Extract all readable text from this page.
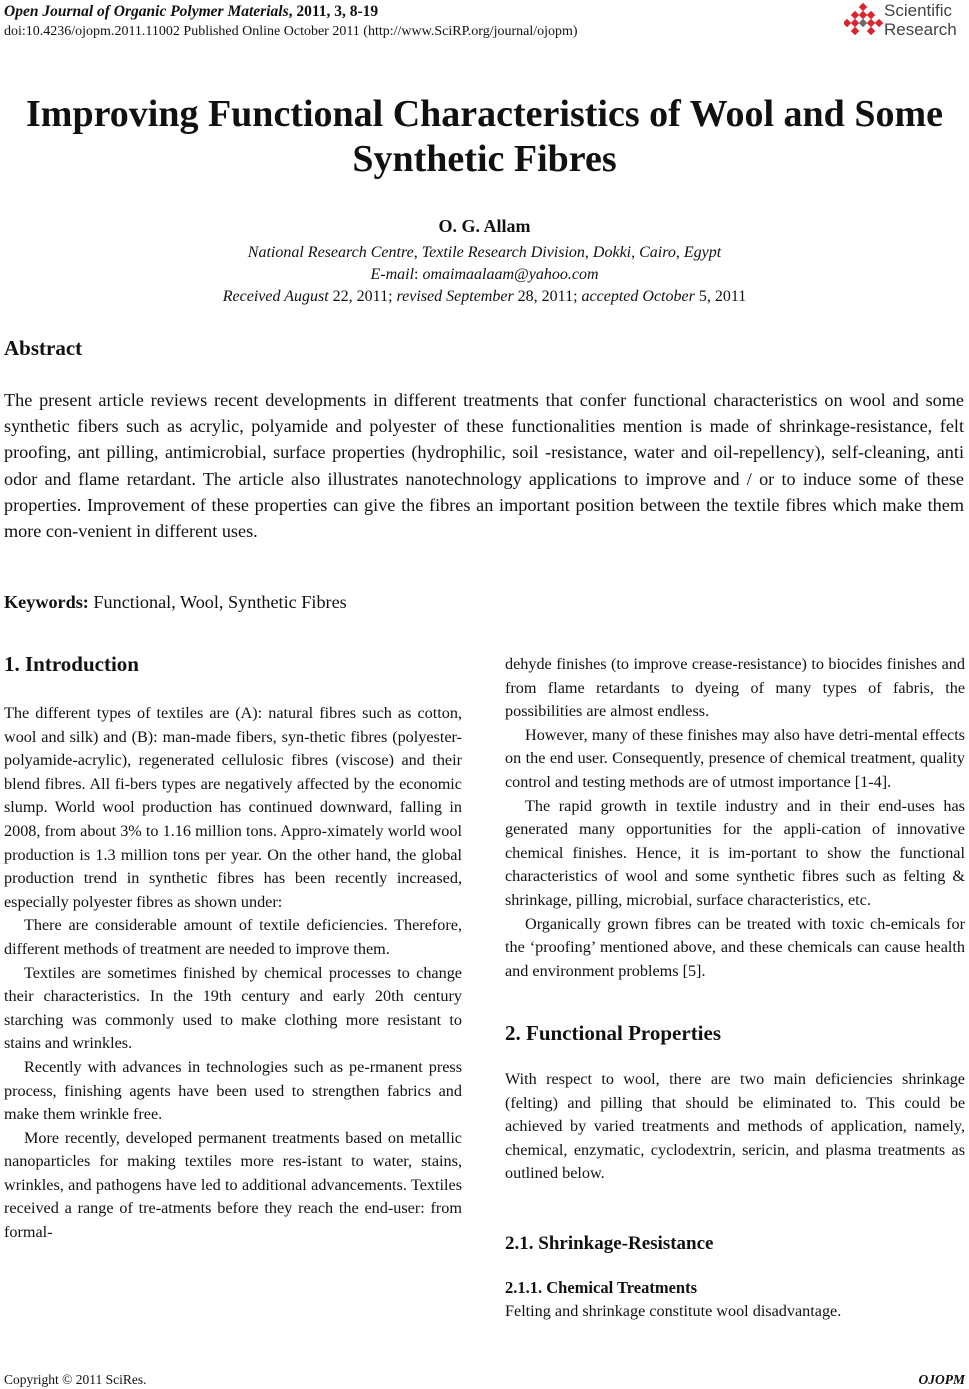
Open Journal of Organic Polymer Materials, 2011, 3, 8-19
doi:10.4236/ojopm.2011.11002 Published Online October 2011 (http://www.SciRP.org/journal/ojopm)
Scientific
Research
Improving Functional Characteristics of Wool and Some
Synthetic Fibres
O. G. Allam
National Research Centre, Textile Research Division, Dokki, Cairo, Egypt
E-mail: omaimaalaam@yahoo.com
Received August 22, 2011; revised September 28, 2011; accepted October 5, 2011
Abstract
The present article reviews recent developments in different treatments that confer functional characteristics on wool and some synthetic fibers such as acrylic, polyamide and polyester of these functionalities mention is made of shrinkage-resistance, felt proofing, ant pilling, antimicrobial, surface properties (hydrophilic, soil -resistance, water and oil-repellency), self-cleaning, anti odor and flame retardant. The article also illustrates nanotechnology applications to improve and / or to induce some of these properties. Improvement of these properties can give the fibres an important position between the textile fibres which make them more con-venient in different uses.
Keywords: Functional, Wool, Synthetic Fibres
1. Introduction

The different types of textiles are (A): natural fibres such as cotton, wool and silk) and (B): man-made fibers, syn-thetic fibres (polyester-polyamide-acrylic), regenerated cellulosic fibres (viscose) and their blend fibres. All fi-bers types are negatively affected by the economic slump. World wool production has continued downward, falling in 2008, from about 3% to 1.16 million tons. Appro-ximately world wool production is 1.3 million tons per year. On the other hand, the global production trend in synthetic fibres has been recently increased, especially polyester fibres as shown under:

There are considerable amount of textile deficiencies. Therefore, different methods of treatment are needed to improve them.

Textiles are sometimes finished by chemical processes to change their characteristics. In the 19th century and early 20th century starching was commonly used to make clothing more resistant to stains and wrinkles.

Recently with advances in technologies such as pe-rmanent press process, finishing agents have been used to strengthen fabrics and make them wrinkle free.

More recently, developed permanent treatments based on metallic nanoparticles for making textiles more res-istant to water, stains, wrinkles, and pathogens have led to additional advancements. Textiles received a range of tre-atments before they reach the end-user: from formal-

dehyde finishes (to improve crease-resistance) to biocides finishes and from flame retardants to dyeing of many types of fabris, the possibilities are almost endless.

However, many of these finishes may also have detri-mental effects on the end user. Consequently, presence of chemical treatment, quality control and testing methods are of utmost importance [1-4].

The rapid growth in textile industry and in their end-uses has generated many opportunities for the appli-cation of innovative chemical finishes. Hence, it is im-portant to show the functional characteristics of wool and some synthetic fibres such as felting & shrinkage, pilling, microbial, surface characteristics, etc.

Organically grown fibres can be treated with toxic ch-emicals for the ‘proofing’ mentioned above, and these chemicals can cause health and environment problems [5].

2. Functional Properties

With respect to wool, there are two main deficiencies shrinkage (felting) and pilling that should be eliminated to. This could be achieved by varied treatments and methods of application, namely, chemical, enzymatic, cyclodextrin, sericin, and plasma treatments as outlined below.

2.1. Shrinkage-Resistance
2.1.1. Chemical Treatments

Felting and shrinkage constitute wool disadvantage.

Copyright © 2011 SciRes.	OJOPM
